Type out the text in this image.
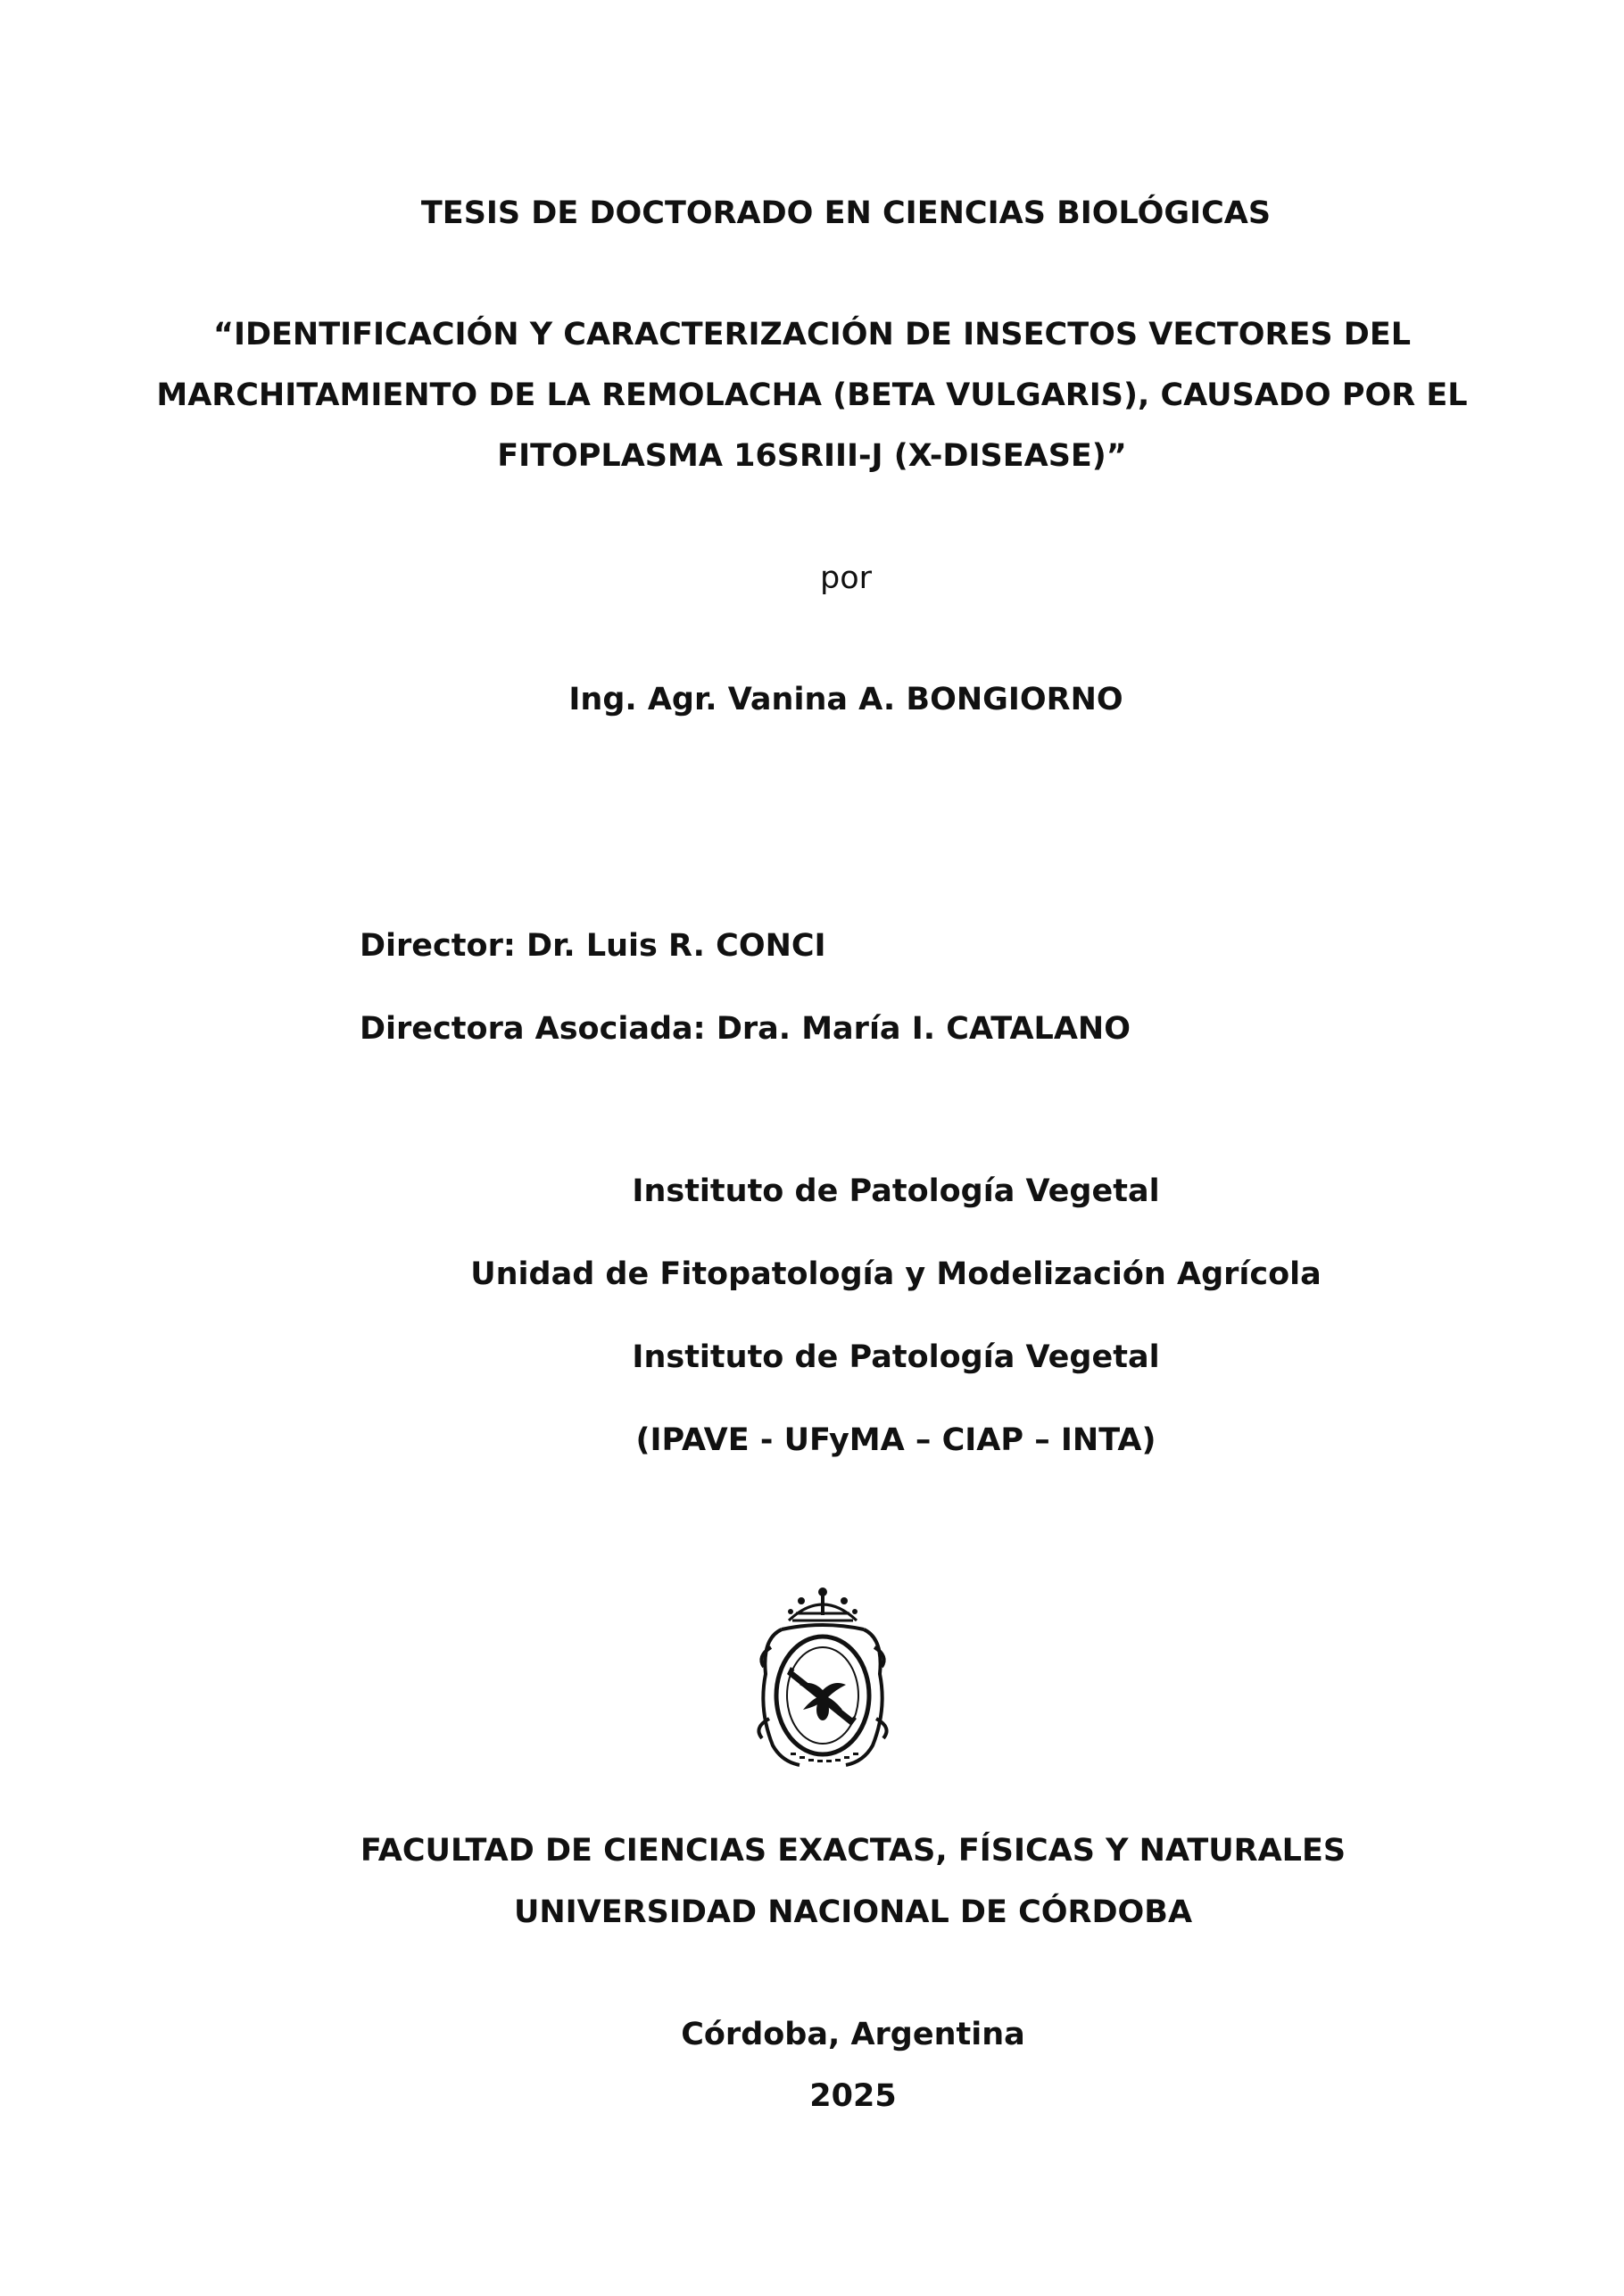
TESIS DE DOCTORADO EN CIENCIAS BIOLÓGICAS
“IDENTIFICACIÓN Y CARACTERIZACIÓN DE INSECTOS VECTORES DEL
MARCHITAMIENTO DE LA REMOLACHA (BETA VULGARIS), CAUSADO POR EL
FITOPLASMA 16SRIII-J (X-DISEASE)”
por
Ing. Agr. Vanina A. BONGIORNO
Director: Dr. Luis R. CONCI
Directora Asociada: Dra. María I. CATALANO
Instituto de Patología Vegetal
Unidad de Fitopatología y Modelización Agrícola
Instituto de Patología Vegetal
(IPAVE - UFyMA – CIAP – INTA)
FACULTAD DE CIENCIAS EXACTAS, FÍSICAS Y NATURALES
UNIVERSIDAD NACIONAL DE CÓRDOBA
Córdoba, Argentina
2025
